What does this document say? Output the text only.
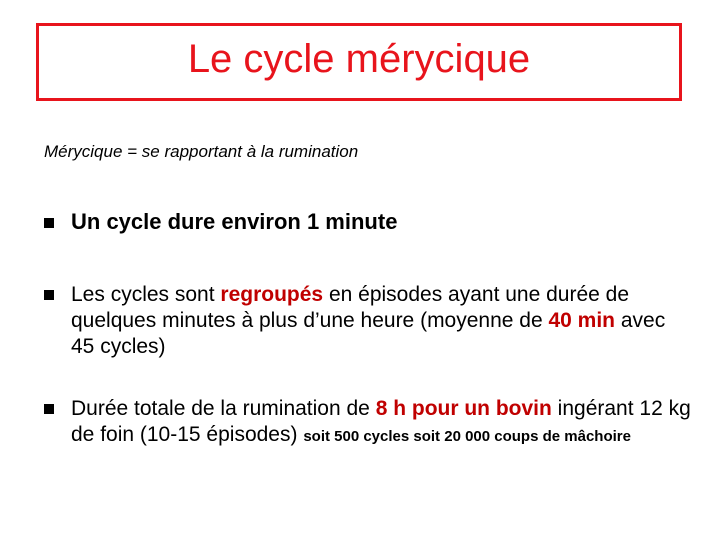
Le cycle mérycique
Mérycique = se rapportant à la rumination
Un cycle dure environ 1 minute
Les cycles sont regroupés en épisodes ayant une durée de quelques minutes à plus d’une heure (moyenne de 40 min avec 45 cycles)
Durée totale de la rumination de 8 h pour un bovin ingérant 12 kg de foin (10-15 épisodes) soit 500 cycles soit 20 000 coups de mâchoire
